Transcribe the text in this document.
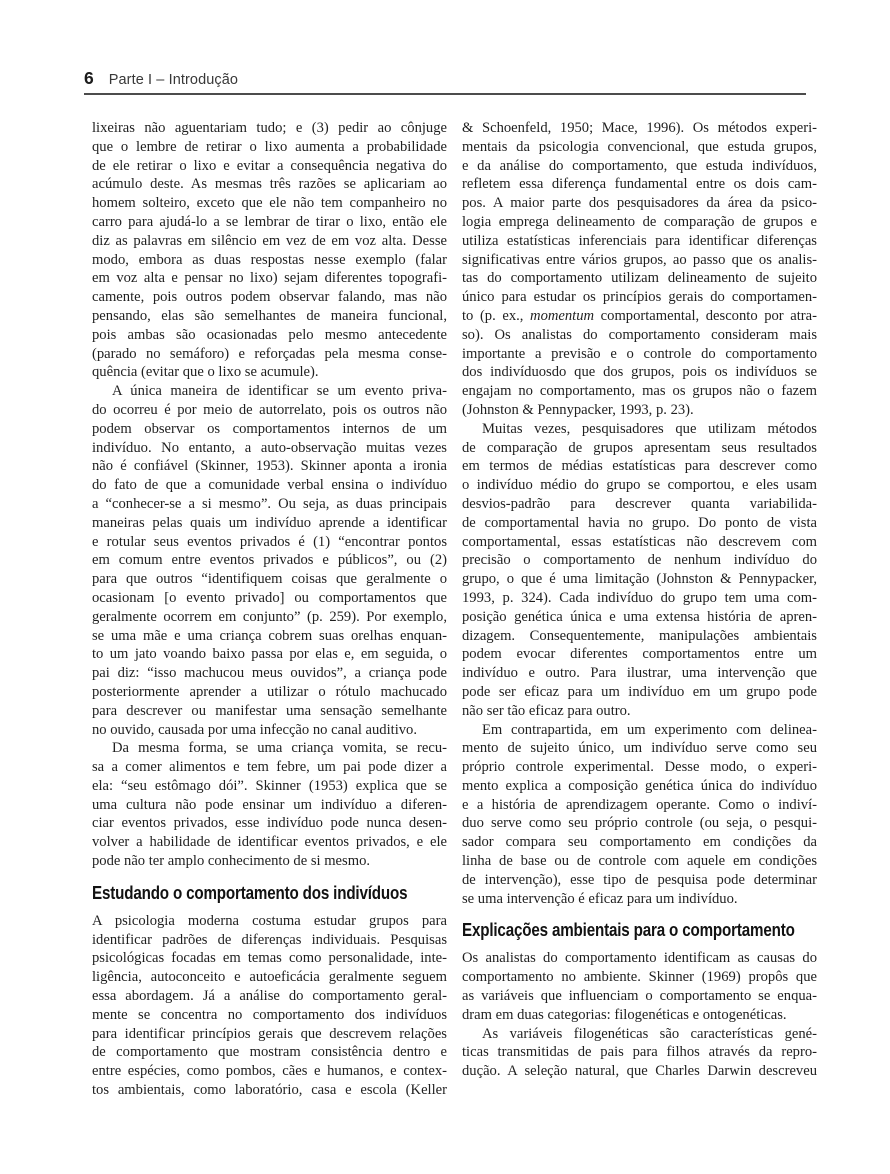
6 Parte I – Introdução
lixeiras não aguentariam tudo; e (3) pedir ao cônjuge
que o lembre de retirar o lixo aumenta a probabilidade
de ele retirar o lixo e evitar a consequência negativa do
acúmulo deste. As mesmas três razões se aplicariam ao
homem solteiro, exceto que ele não tem companheiro no
carro para ajudá-lo a se lembrar de tirar o lixo, então ele
diz as palavras em silêncio em vez de em voz alta. Desse
modo, embora as duas respostas nesse exemplo (falar
em voz alta e pensar no lixo) sejam diferentes topografi-
camente, pois outros podem observar falando, mas não
pensando, elas são semelhantes de maneira funcional,
pois ambas são ocasionadas pelo mesmo antecedente
(parado no semáforo) e reforçadas pela mesma conse-
quência (evitar que o lixo se acumule).
A única maneira de identificar se um evento priva-
do ocorreu é por meio de autorrelato, pois os outros não
podem observar os comportamentos internos de um
indivíduo. No entanto, a auto-observação muitas vezes
não é confiável (Skinner, 1953). Skinner aponta a ironia
do fato de que a comunidade verbal ensina o indivíduo
a “conhecer-se a si mesmo”. Ou seja, as duas principais
maneiras pelas quais um indivíduo aprende a identificar
e rotular seus eventos privados é (1) “encontrar pontos
em comum entre eventos privados e públicos”, ou (2)
para que outros “identifiquem coisas que geralmente o
ocasionam [o evento privado] ou comportamentos que
geralmente ocorrem em conjunto” (p. 259). Por exemplo,
se uma mãe e uma criança cobrem suas orelhas enquan-
to um jato voando baixo passa por elas e, em seguida, o
pai diz: “isso machucou meus ouvidos”, a criança pode
posteriormente aprender a utilizar o rótulo machucado
para descrever ou manifestar uma sensação semelhante
no ouvido, causada por uma infecção no canal auditivo.
Da mesma forma, se uma criança vomita, se recu-
sa a comer alimentos e tem febre, um pai pode dizer a
ela: “seu estômago dói”. Skinner (1953) explica que se
uma cultura não pode ensinar um indivíduo a diferen-
ciar eventos privados, esse indivíduo pode nunca desen-
volver a habilidade de identificar eventos privados, e ele
pode não ter amplo conhecimento de si mesmo.
Estudando o comportamento dos indivíduos
A psicologia moderna costuma estudar grupos para
identificar padrões de diferenças individuais. Pesquisas
psicológicas focadas em temas como personalidade, inte-
ligência, autoconceito e autoeficácia geralmente seguem
essa abordagem. Já a análise do comportamento geral-
mente se concentra no comportamento dos indivíduos
para identificar princípios gerais que descrevem relações
de comportamento que mostram consistência dentro e
entre espécies, como pombos, cães e humanos, e contex-
tos ambientais, como laboratório, casa e escola (Keller
& Schoenfeld, 1950; Mace, 1996). Os métodos experi-
mentais da psicologia convencional, que estuda grupos,
e da análise do comportamento, que estuda indivíduos,
refletem essa diferença fundamental entre os dois cam-
pos. A maior parte dos pesquisadores da área da psico-
logia emprega delineamento de comparação de grupos e
utiliza estatísticas inferenciais para identificar diferenças
significativas entre vários grupos, ao passo que os analis-
tas do comportamento utilizam delineamento de sujeito
único para estudar os princípios gerais do comportamen-
to (p. ex., momentum comportamental, desconto por atra-
so). Os analistas do comportamento consideram mais
importante a previsão e o controle do comportamento
dos indivíduosdo que dos grupos, pois os indivíduos se
engajam no comportamento, mas os grupos não o fazem
(Johnston & Pennypacker, 1993, p. 23).
Muitas vezes, pesquisadores que utilizam métodos
de comparação de grupos apresentam seus resultados
em termos de médias estatísticas para descrever como
o indivíduo médio do grupo se comportou, e eles usam
desvios-padrão para descrever quanta variabilida-
de comportamental havia no grupo. Do ponto de vista
comportamental, essas estatísticas não descrevem com
precisão o comportamento de nenhum indivíduo do
grupo, o que é uma limitação (Johnston & Pennypacker,
1993, p. 324). Cada indivíduo do grupo tem uma com-
posição genética única e uma extensa história de apren-
dizagem. Consequentemente, manipulações ambientais
podem evocar diferentes comportamentos entre um
indivíduo e outro. Para ilustrar, uma intervenção que
pode ser eficaz para um indivíduo em um grupo pode
não ser tão eficaz para outro.
Em contrapartida, em um experimento com delinea-
mento de sujeito único, um indivíduo serve como seu
próprio controle experimental. Desse modo, o experi-
mento explica a composição genética única do indivíduo
e a história de aprendizagem operante. Como o indiví-
duo serve como seu próprio controle (ou seja, o pesqui-
sador compara seu comportamento em condições da
linha de base ou de controle com aquele em condições
de intervenção), esse tipo de pesquisa pode determinar
se uma intervenção é eficaz para um indivíduo.
Explicações ambientais para o comportamento
Os analistas do comportamento identificam as causas do
comportamento no ambiente. Skinner (1969) propôs que
as variáveis que influenciam o comportamento se enqua-
dram em duas categorias: filogenéticas e ontogenéticas.
As variáveis filogenéticas são características gené-
ticas transmitidas de pais para filhos através da repro-
dução. A seleção natural, que Charles Darwin descreveu
